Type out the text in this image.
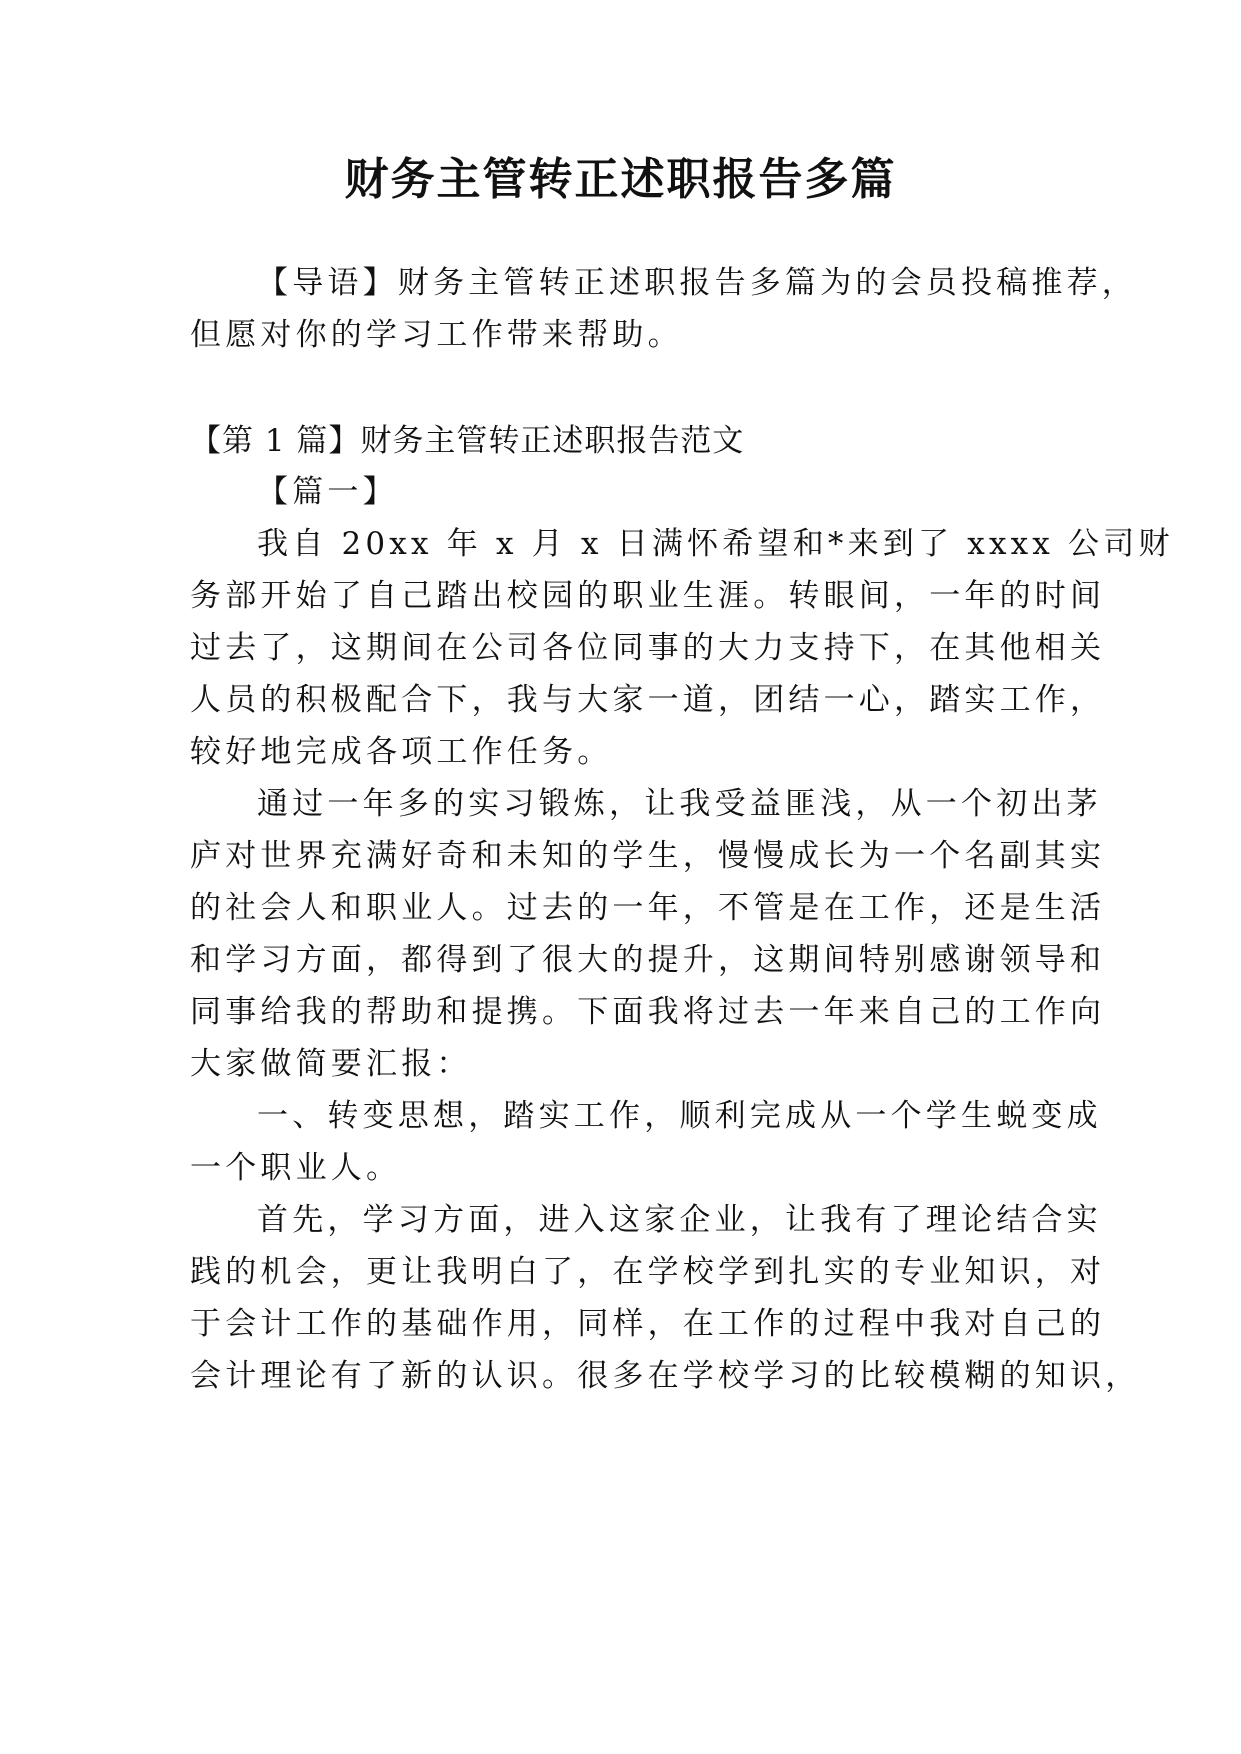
财务主管转正述职报告多篇

【导语】财务主管转正述职报告多篇为的会员投稿推荐，

但愿对你的学习工作带来帮助。

【第 1 篇】财务主管转正述职报告范文

【篇一】

我自 20xx 年 x 月 x 日满怀希望和*来到了 xxxx 公司财

务部开始了自己踏出校园的职业生涯。转眼间，一年的时间

过去了，这期间在公司各位同事的大力支持下，在其他相关

人员的积极配合下，我与大家一道，团结一心，踏实工作，

较好地完成各项工作任务。

通过一年多的实习锻炼，让我受益匪浅，从一个初出茅

庐对世界充满好奇和未知的学生，慢慢成长为一个名副其实

的社会人和职业人。过去的一年，不管是在工作，还是生活

和学习方面，都得到了很大的提升，这期间特别感谢领导和

同事给我的帮助和提携。下面我将过去一年来自己的工作向

大家做简要汇报：

一、转变思想，踏实工作，顺利完成从一个学生蜕变成

一个职业人。

首先，学习方面，进入这家企业，让我有了理论结合实

践的机会，更让我明白了，在学校学到扎实的专业知识，对

于会计工作的基础作用，同样，在工作的过程中我对自己的

会计理论有了新的认识。很多在学校学习的比较模糊的知识，
